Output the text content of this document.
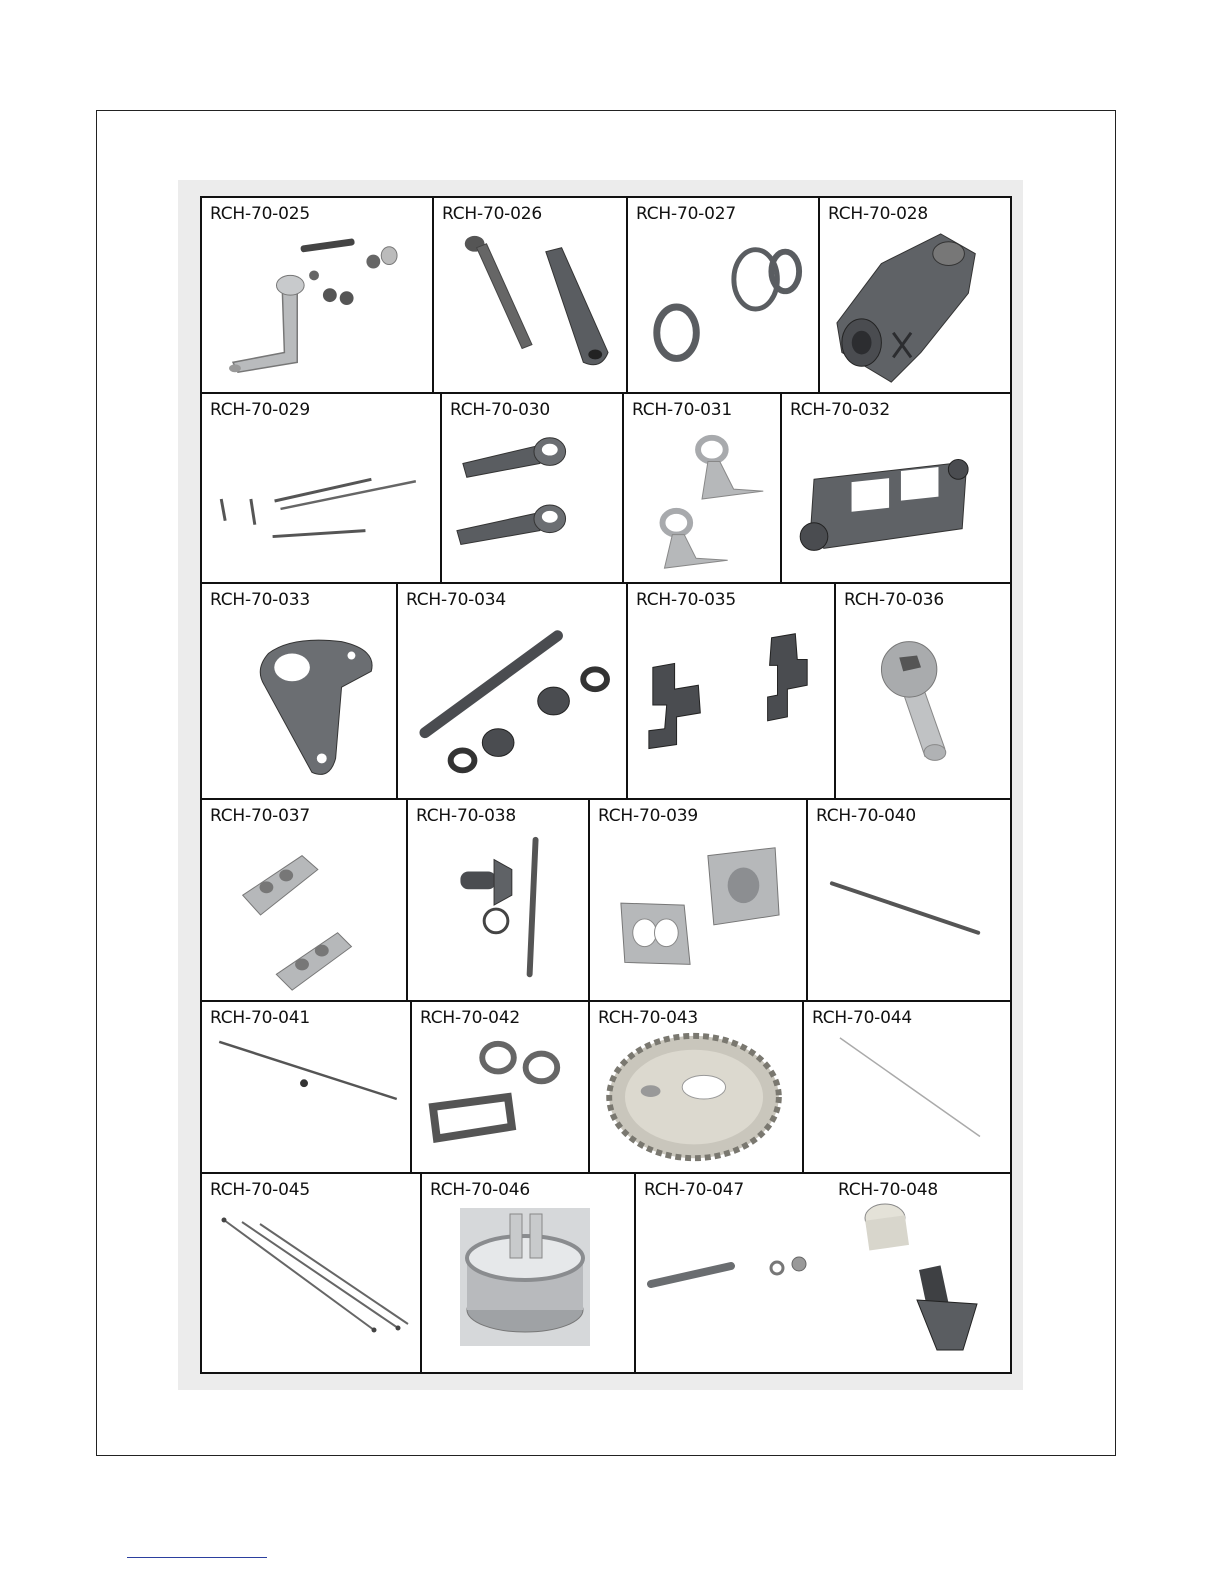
RCH-70-025	RCH-70-026	RCH-70-027	RCH-70-028
RCH-70-029	RCH-70-030	RCH-70-031	RCH-70-032
RCH-70-033	RCH-70-034	RCH-70-035	RCH-70-036
RCH-70-037	RCH-70-038	RCH-70-039	RCH-70-040
RCH-70-041	RCH-70-042	RCH-70-043	RCH-70-044
RCH-70-045	RCH-70-046	RCH-70-047	RCH-70-048
